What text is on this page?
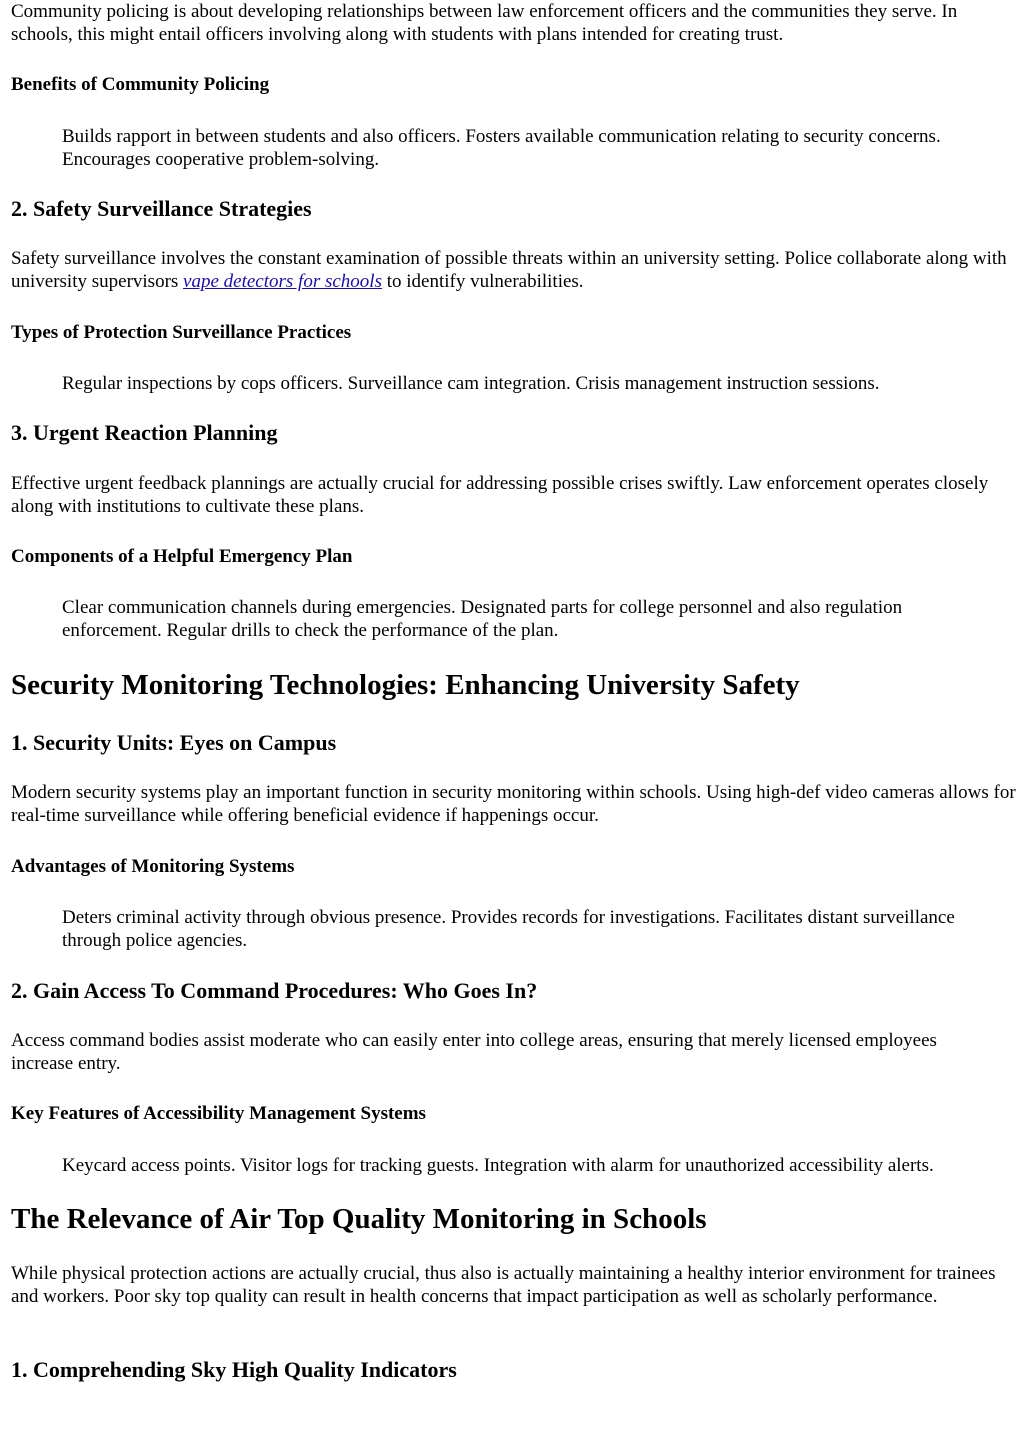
Community policing is about developing relationships between law enforcement officers and the communities they serve. In schools, this might entail officers involving along with students with plans intended for creating trust.

Benefits of Community Policing

Builds rapport in between students and also officers. Fosters available communication relating to security concerns. Encourages cooperative problem-solving.

2. Safety Surveillance Strategies

Safety surveillance involves the constant examination of possible threats within an university setting. Police collaborate along with university supervisors vape detectors for schools to identify vulnerabilities.

Types of Protection Surveillance Practices

Regular inspections by cops officers. Surveillance cam integration. Crisis management instruction sessions.

3. Urgent Reaction Planning

Effective urgent feedback plannings are actually crucial for addressing possible crises swiftly. Law enforcement operates closely along with institutions to cultivate these plans.

Components of a Helpful Emergency Plan

Clear communication channels during emergencies. Designated parts for college personnel and also regulation enforcement. Regular drills to check the performance of the plan.

Security Monitoring Technologies: Enhancing University Safety
1. Security Units: Eyes on Campus

Modern security systems play an important function in security monitoring within schools. Using high-def video cameras allows for real-time surveillance while offering beneficial evidence if happenings occur.

Advantages of Monitoring Systems

Deters criminal activity through obvious presence. Provides records for investigations. Facilitates distant surveillance through police agencies.

2. Gain Access To Command Procedures: Who Goes In?

Access command bodies assist moderate who can easily enter into college areas, ensuring that merely licensed employees increase entry.

Key Features of Accessibility Management Systems

Keycard access points. Visitor logs for tracking guests. Integration with alarm for unauthorized accessibility alerts.

The Relevance of Air Top Quality Monitoring in Schools

While physical protection actions are actually crucial, thus also is actually maintaining a healthy interior environment for trainees and workers. Poor sky top quality can result in health concerns that impact participation as well as scholarly performance.

1. Comprehending Sky High Quality Indicators
